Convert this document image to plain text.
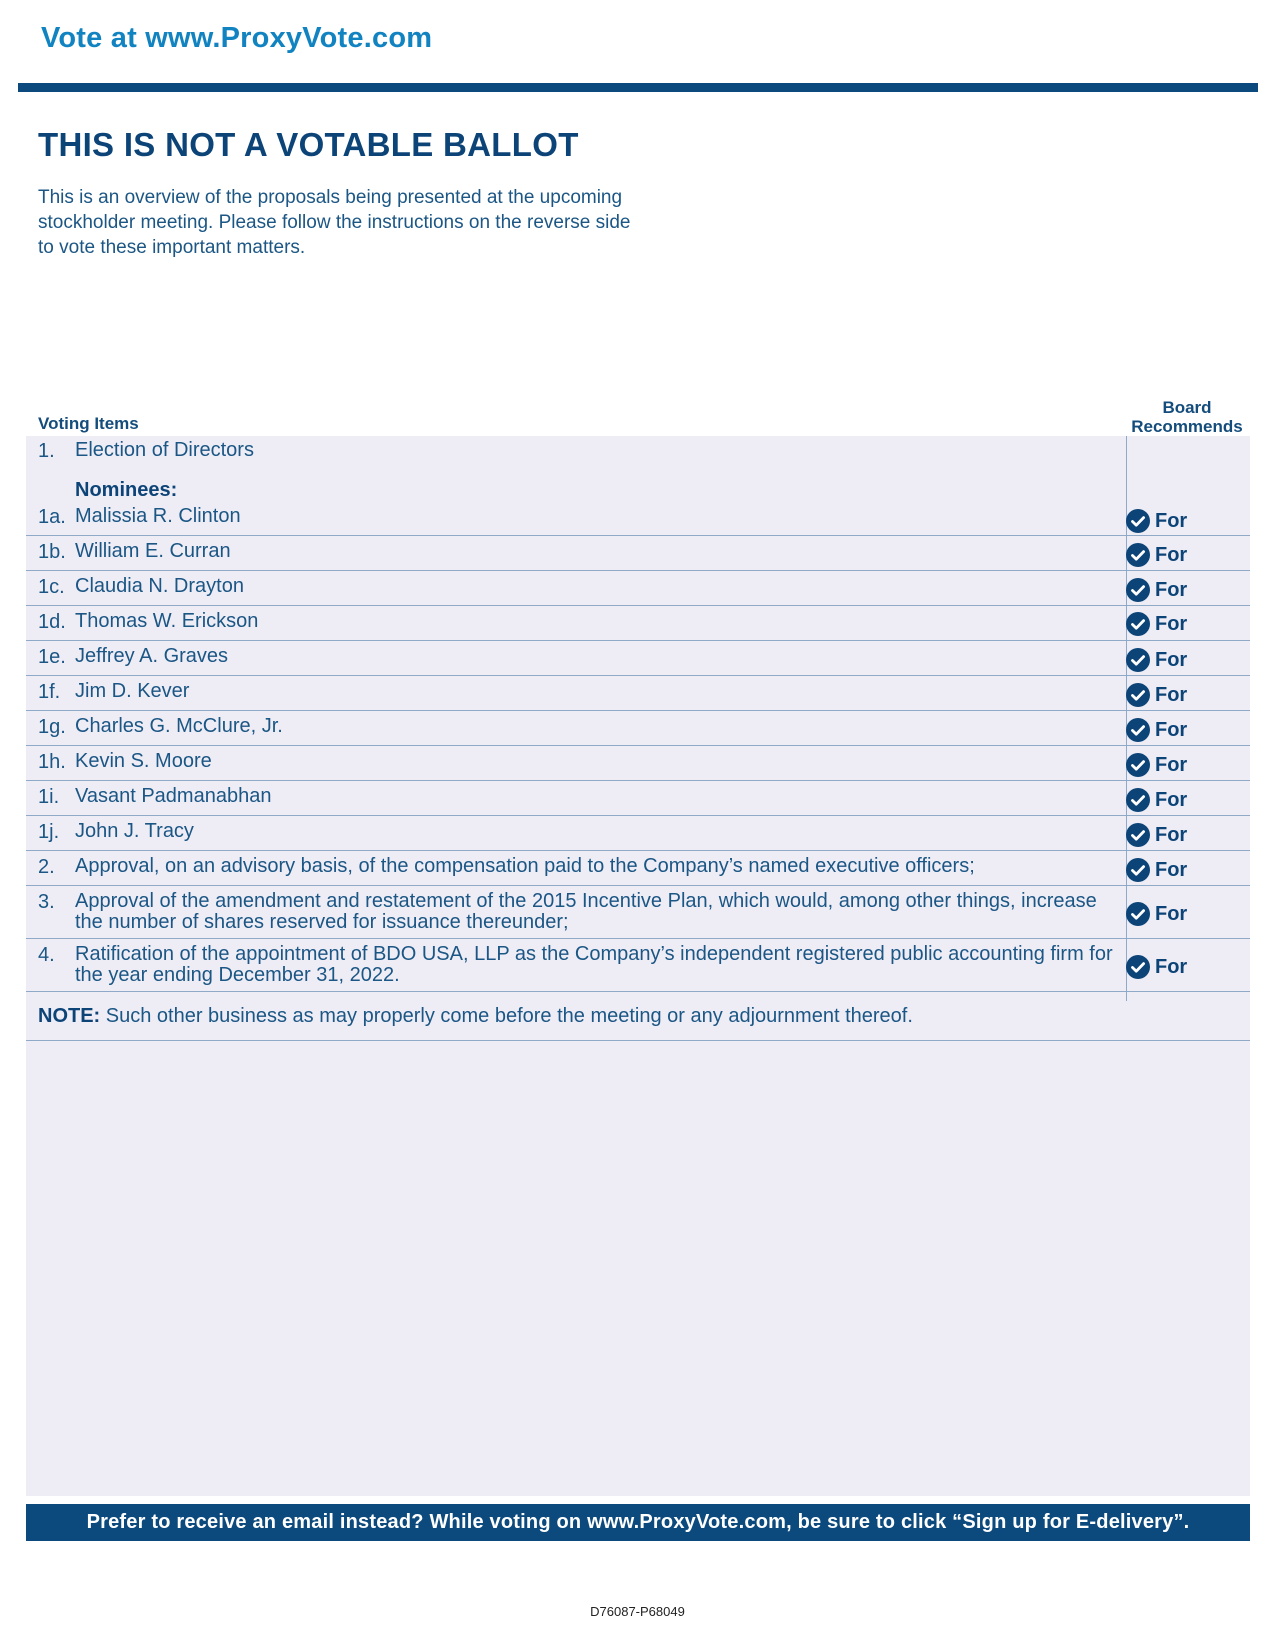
Vote at www.ProxyVote.com
THIS IS NOT A VOTABLE BALLOT
This is an overview of the proposals being presented at the upcoming stockholder meeting. Please follow the instructions on the reverse side to vote these important matters.
Voting Items
Board
Recommends
1. Election of Directors
Nominees:
1a. Malissia R. Clinton	For
1b. William E. Curran	For
1c. Claudia N. Drayton	For
1d. Thomas W. Erickson	For
1e. Jeffrey A. Graves	For
1f. Jim D. Kever	For
1g. Charles G. McClure, Jr.	For
1h. Kevin S. Moore	For
1i. Vasant Padmanabhan	For
1j. John J. Tracy	For
2. Approval, on an advisory basis, of the compensation paid to the Company’s named executive officers;	For
3. Approval of the amendment and restatement of the 2015 Incentive Plan, which would, among other things, increase the number of shares reserved for issuance thereunder;	For
4. Ratification of the appointment of BDO USA, LLP as the Company’s independent registered public accounting firm for the year ending December 31, 2022.	For
NOTE: Such other business as may properly come before the meeting or any adjournment thereof.
Prefer to receive an email instead? While voting on www.ProxyVote.com, be sure to click “Sign up for E-delivery”.
D76087-P68049
